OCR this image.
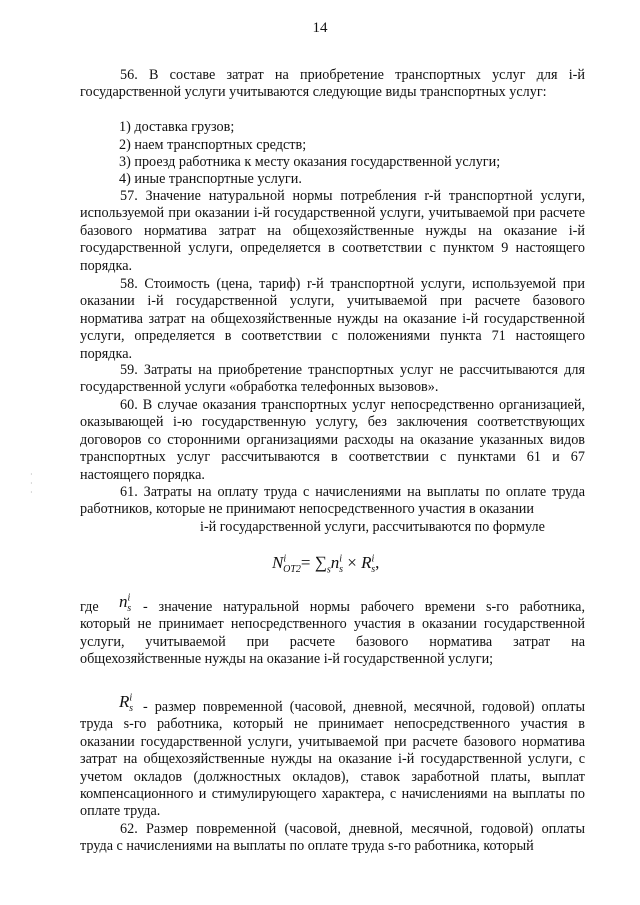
14
56. В составе затрат на приобретение транспортных услуг для i-й государственной услуги учитываются следующие виды транспортных услуг:
1) доставка грузов;
2) наем транспортных средств;
3) проезд работника к месту оказания государственной услуги;
4) иные транспортные услуги.
57. Значение натуральной нормы потребления r-й транспортной услуги, используемой при оказании i-й государственной услуги, учитываемой при расчете базового норматива затрат на общехозяйственные нужды на оказание i-й государственной услуги, определяется в соответствии с пунктом 9 настоящего порядка.
58. Стоимость (цена, тариф) r-й транспортной услуги, используемой при оказании i-й государственной услуги, учитываемой при расчете базового норматива затрат на общехозяйственные нужды на оказание i-й государственной услуги, определяется в соответствии с положениями пункта 71 настоящего порядка.
59. Затраты на приобретение транспортных услуг не рассчитываются для государственной услуги «обработка телефонных вызовов».
60. В случае оказания транспортных услуг непосредственно организацией, оказывающей i-ю государственную услугу, без заключения соответствующих договоров со сторонними организациями расходы на оказание указанных видов транспортных услуг рассчитываются в соответствии с пунктами 61 и 67 настоящего порядка.
61. Затраты на оплату труда с начислениями на выплаты по оплате труда работников, которые не принимают непосредственного участия в оказании
i-й государственной услуги, рассчитываются по формуле
$N^i_{ОТ2}= \sum_sn^i_s \times R^i_s$,
где	$n^i_s$ - значение натуральной нормы рабочего времени s-го работника, который не принимает непосредственного участия в оказании государственной услуги, учитываемой при расчете базового норматива затрат на общехозяйственные нужды на оказание i-й государственной услуги;
$R^i_s$ - размер повременной (часовой, дневной, месячной, годовой) оплаты труда s-го работника, который не принимает непосредственного участия в оказании государственной услуги, учитываемой при расчете базового норматива затрат на общехозяйственные нужды на оказание i-й государственной услуги, с учетом окладов (должностных окладов), ставок заработной платы, выплат компенсационного и стимулирующего характера, с начислениями на выплаты по оплате труда.
62. Размер повременной (часовой, дневной, месячной, годовой) оплаты труда с начислениями на выплаты по оплате труда s-го работника, который
·
·
·
